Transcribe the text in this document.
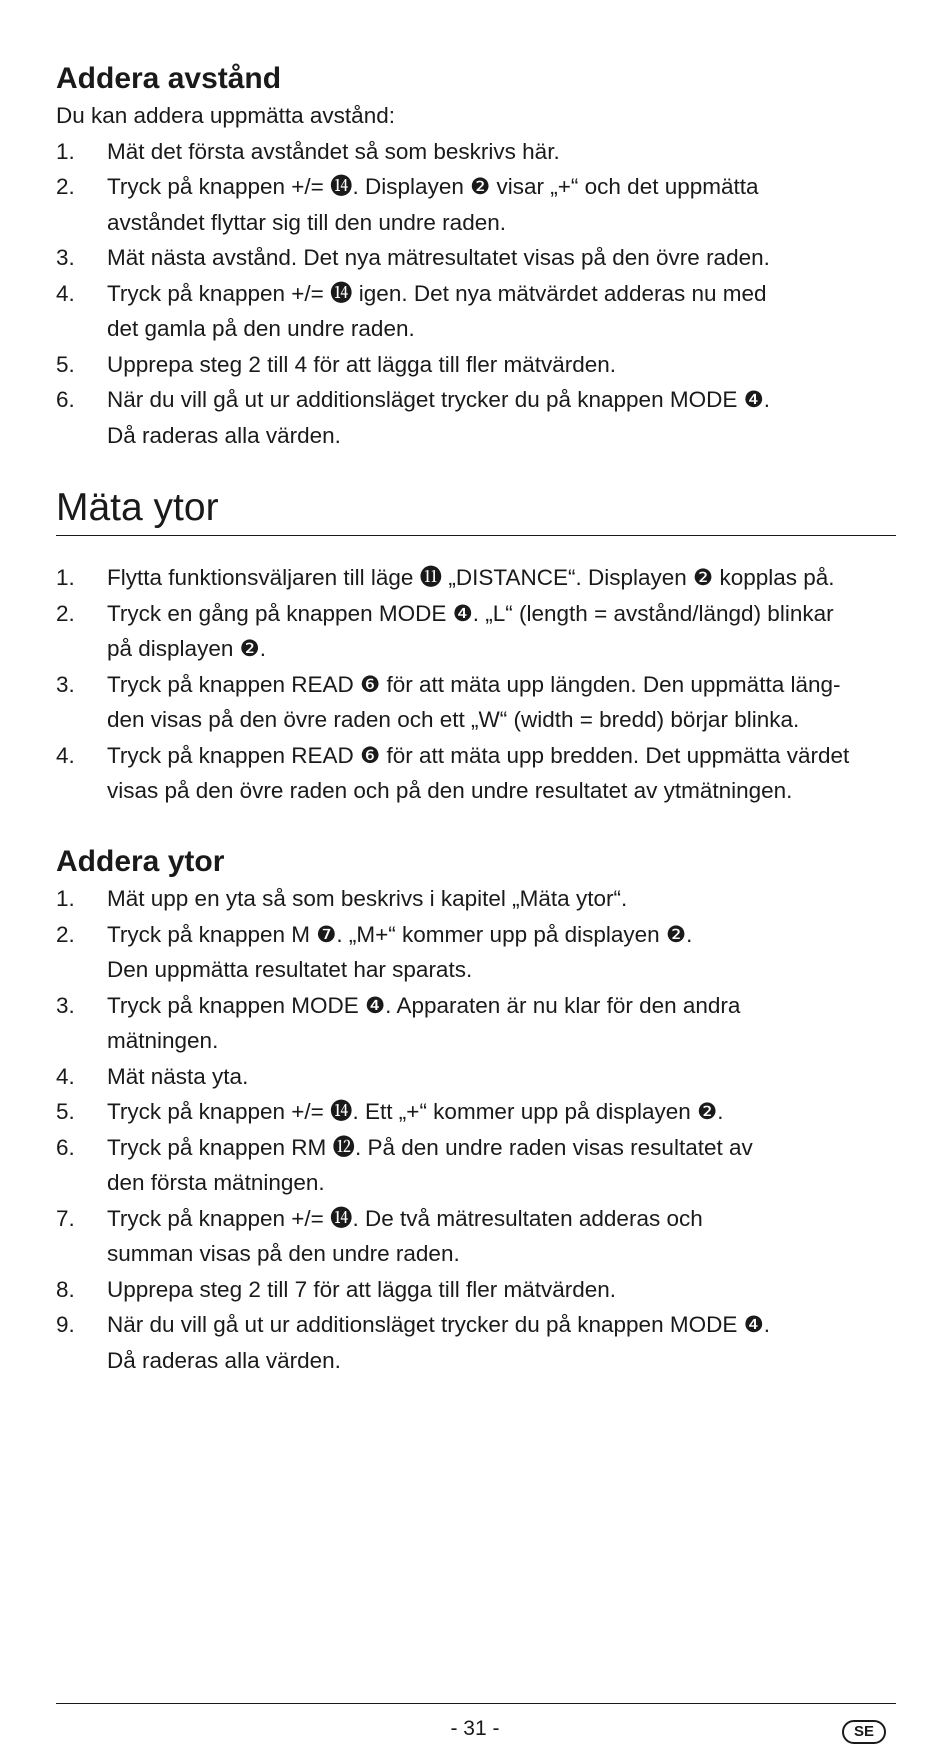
Addera avstånd
Du kan addera uppmätta avstånd:
1.	Mät det första avståndet så som beskrivs här.
2.	Tryck på knappen +/= ⓮. Displayen ❷ visar „+“ och det uppmätta
avståndet flyttar sig till den undre raden.
3.	Mät nästa avstånd. Det nya mätresultatet visas på den övre raden.
4.	Tryck på knappen +/= ⓮ igen. Det nya mätvärdet adderas nu med
det gamla på den undre raden.
5.	Upprepa steg 2 till 4 för att lägga till fler mätvärden.
6.	När du vill gå ut ur additionsläget trycker du på knappen MODE ❹.
Då raderas alla värden.
Mäta ytor
1.	Flytta funktionsväljaren till läge ⓫ „DISTANCE“. Displayen ❷ kopplas på.
2.	Tryck en gång på knappen MODE ❹. „L“ (length = avstånd/längd) blinkar
på displayen ❷.
3.	Tryck på knappen READ ❻ för att mäta upp längden. Den uppmätta läng-
den visas på den övre raden och ett „W“ (width = bredd) börjar blinka.
4.	Tryck på knappen READ ❻ för att mäta upp bredden. Det uppmätta värdet
visas på den övre raden och på den undre resultatet av ytmätningen.
Addera ytor
1.	Mät upp en yta så som beskrivs i kapitel „Mäta ytor“.
2.	Tryck på knappen M ❼. „M+“ kommer upp på displayen ❷.
Den uppmätta resultatet har sparats.
3.	Tryck på knappen MODE ❹. Apparaten är nu klar för den andra
mätningen.
4.	Mät nästa yta.
5.	Tryck på knappen +/= ⓮. Ett „+“ kommer upp på displayen ❷.
6.	Tryck på knappen RM ⓬. På den undre raden visas resultatet av
den första mätningen.
7.	Tryck på knappen +/= ⓮. De två mätresultaten adderas och
summan visas på den undre raden.
8.	Upprepa steg 2 till 7 för att lägga till fler mätvärden.
9.	När du vill gå ut ur additionsläget trycker du på knappen MODE ❹.
Då raderas alla värden.
- 31 -	SE
